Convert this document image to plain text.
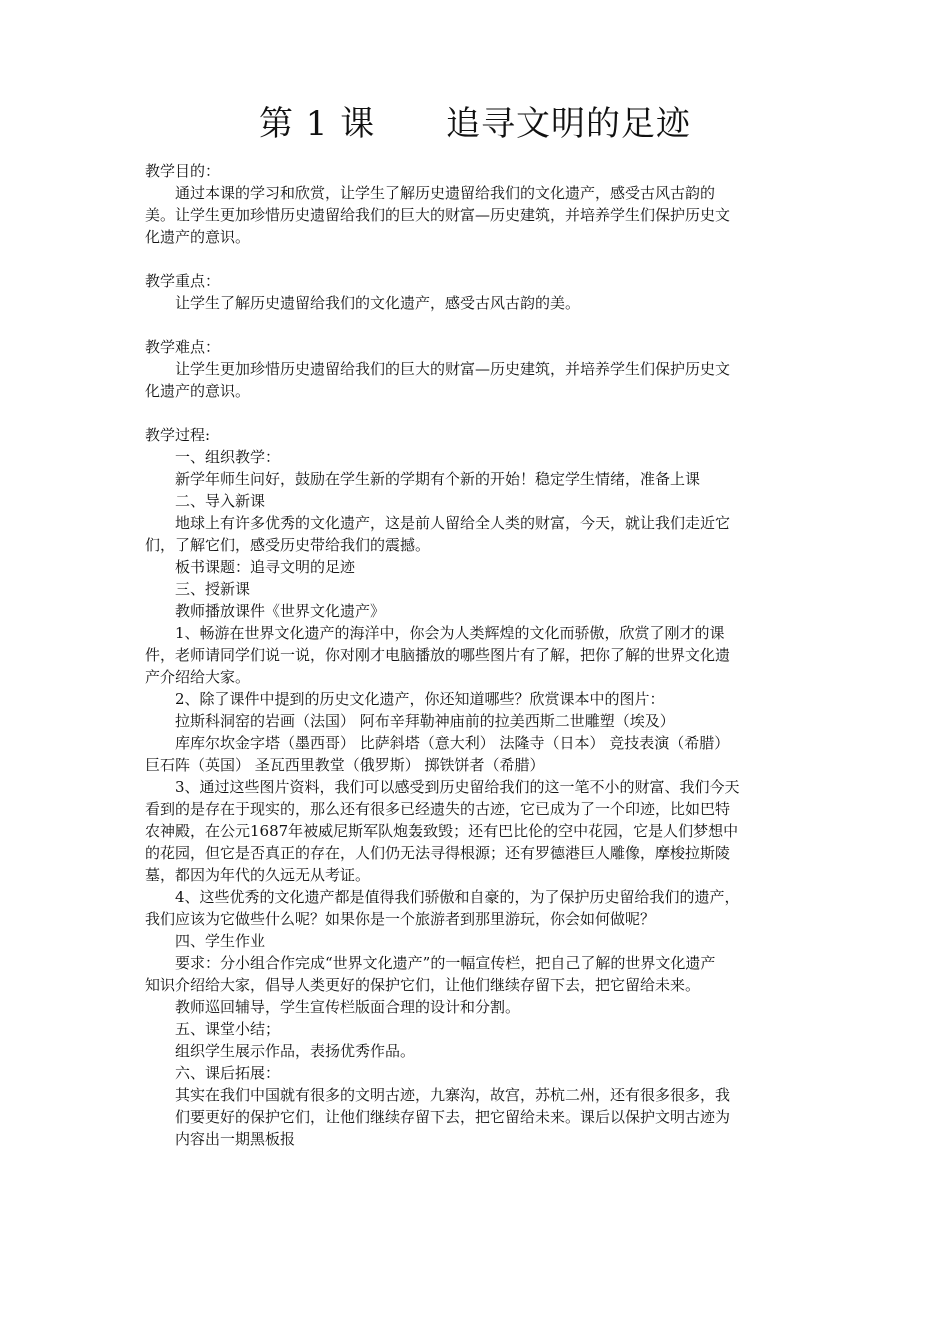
第 1 课      追寻文明的足迹
教学目的：
通过本课的学习和欣赏，让学生了解历史遗留给我们的文化遗产，感受古风古韵的
美。让学生更加珍惜历史遗留给我们的巨大的财富—历史建筑，并培养学生们保护历史文
化遗产的意识。
教学重点：
让学生了解历史遗留给我们的文化遗产，感受古风古韵的美。
教学难点：
让学生更加珍惜历史遗留给我们的巨大的财富—历史建筑，并培养学生们保护历史文
化遗产的意识。
教学过程:
一、组织教学：
新学年师生问好，鼓励在学生新的学期有个新的开始！稳定学生情绪，准备上课
二、导入新课
地球上有许多优秀的文化遗产，这是前人留给全人类的财富，今天，就让我们走近它
们，了解它们，感受历史带给我们的震撼。
板书课题：追寻文明的足迹
三、授新课
教师播放课件《世界文化遗产》
1、畅游在世界文化遗产的海洋中，你会为人类辉煌的文化而骄傲，欣赏了刚才的课
件，老师请同学们说一说，你对刚才电脑播放的哪些图片有了解，把你了解的世界文化遗
产介绍给大家。
2、除了课件中提到的历史文化遗产，你还知道哪些？欣赏课本中的图片：
拉斯科洞窑的岩画（法国） 阿布辛拜勒神庙前的拉美西斯二世雕塑（埃及）
库库尔坎金字塔（墨西哥） 比萨斜塔（意大利） 法隆寺（日本） 竞技表演（希腊）
巨石阵（英国） 圣瓦西里教堂（俄罗斯） 掷铁饼者（希腊）
3、通过这些图片资料，我们可以感受到历史留给我们的这一笔不小的财富、我们今天
看到的是存在于现实的，那么还有很多已经遗失的古迹，它已成为了一个印迹，比如巴特
农神殿，在公元1687年被威尼斯军队炮轰致毁；还有巴比伦的空中花园，它是人们梦想中
的花园，但它是否真正的存在，人们仍无法寻得根源；还有罗德港巨人雕像，摩梭拉斯陵
墓，都因为年代的久远无从考证。
4、这些优秀的文化遗产都是值得我们骄傲和自豪的，为了保护历史留给我们的遗产，
我们应该为它做些什么呢？如果你是一个旅游者到那里游玩，你会如何做呢？
四、学生作业
要求：分小组合作完成“世界文化遗产”的一幅宣传栏，把自己了解的世界文化遗产
知识介绍给大家，倡导人类更好的保护它们，让他们继续存留下去，把它留给未来。
教师巡回辅导，学生宣传栏版面合理的设计和分割。
五、课堂小结；
组织学生展示作品，表扬优秀作品。
六、课后拓展：
其实在我们中国就有很多的文明古迹，九寨沟，故宫，苏杭二州，还有很多很多，我
们要更好的保护它们，让他们继续存留下去，把它留给未来。课后以保护文明古迹为
内容出一期黑板报
